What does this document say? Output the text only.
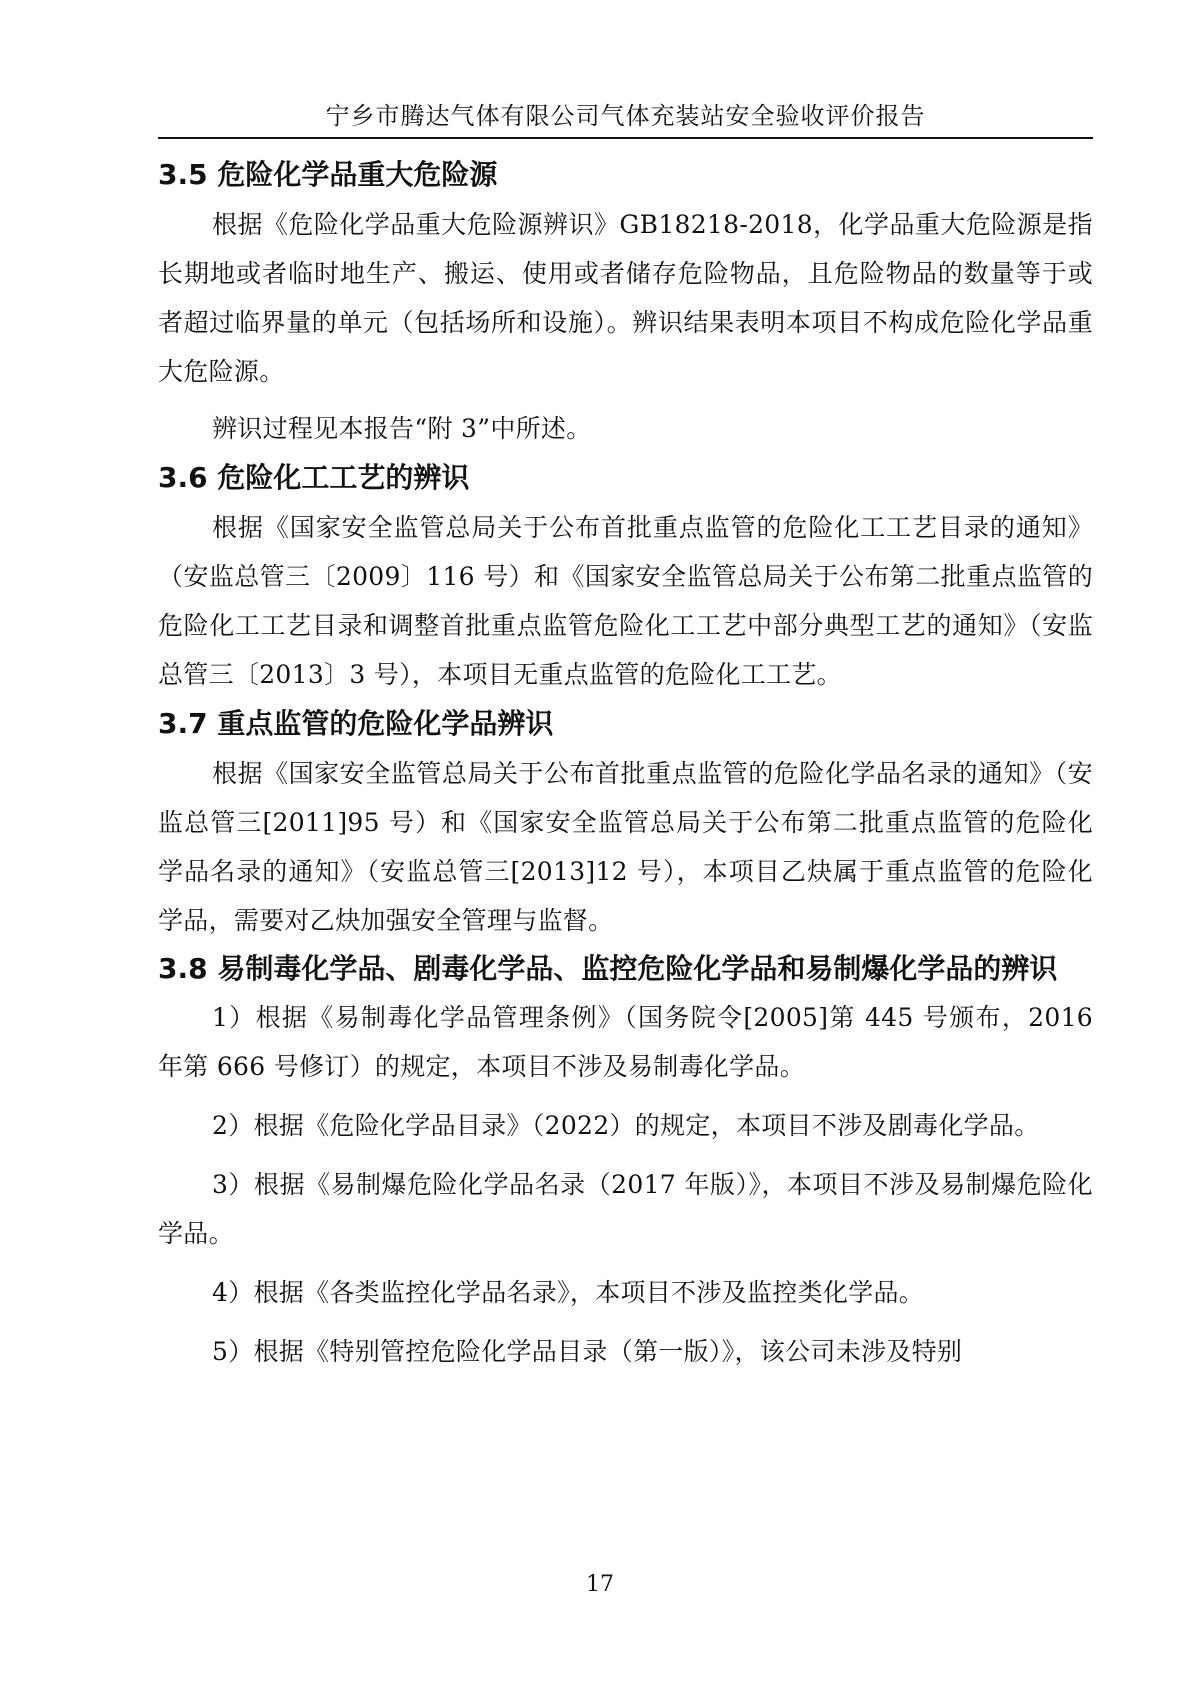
宁乡市腾达气体有限公司气体充装站安全验收评价报告
3.5 危险化学品重大危险源

根据《危险化学品重大危险源辨识》GB18218-2018，化学品重大危险源是指长期地或者临时地生产、搬运、使用或者储存危险物品，且危险物品的数量等于或者超过临界量的单元（包括场所和设施）。辨识结果表明本项目不构成危险化学品重大危险源。

辨识过程见本报告“附 3”中所述。

3.6 危险化工工艺的辨识

根据《国家安全监管总局关于公布首批重点监管的危险化工工艺目录的通知》（安监总管三〔2009〕116 号）和《国家安全监管总局关于公布第二批重点监管的危险化工工艺目录和调整首批重点监管危险化工工艺中部分典型工艺的通知》（安监总管三〔2013〕3 号），本项目无重点监管的危险化工工艺。

3.7 重点监管的危险化学品辨识

根据《国家安全监管总局关于公布首批重点监管的危险化学品名录的通知》（安监总管三[2011]95 号）和《国家安全监管总局关于公布第二批重点监管的危险化学品名录的通知》（安监总管三[2013]12 号），本项目乙炔属于重点监管的危险化学品，需要对乙炔加强安全管理与监督。

3.8 易制毒化学品、剧毒化学品、监控危险化学品和易制爆化学品的辨识

1）根据《易制毒化学品管理条例》（国务院令[2005]第 445 号颁布，2016 年第 666 号修订）的规定，本项目不涉及易制毒化学品。

2）根据《危险化学品目录》（2022）的规定，本项目不涉及剧毒化学品。

3）根据《易制爆危险化学品名录（2017 年版）》，本项目不涉及易制爆危险化学品。

4）根据《各类监控化学品名录》，本项目不涉及监控类化学品。

5）根据《特别管控危险化学品目录（第一版）》，该公司未涉及特别

17
